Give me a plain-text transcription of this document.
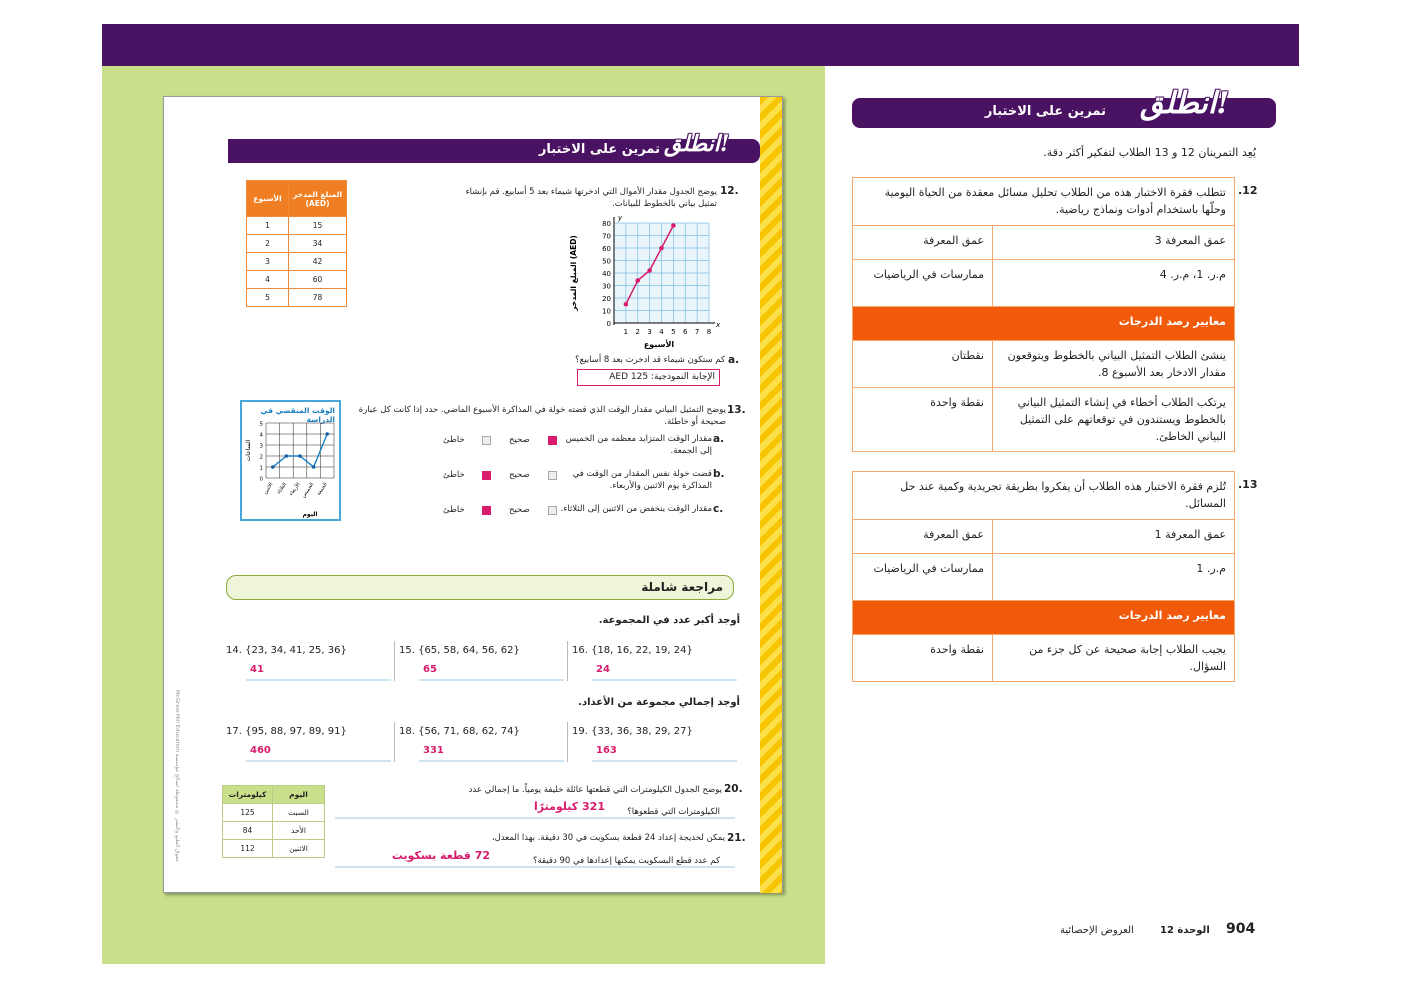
تمرين على الاختبار انطلق!
الأسبوع	المبلغ المدخر (AED)
1	15
2	34
3	42
4	60
5	78
12.
يوضح الجدول مقدار الأموال التي ادخرتها شيماء بعد 5 أسابيع. قم بإنشاء تمثيل بياني بالخطوط للبيانات.
80
70
60
50
40
30
20
10
0
1 2 3 4 5 6 7 8
y
x
المبلغ المدخر (AED)
الأسبوع
a.
كم ستكون شيماء قد ادخرت بعد 8 أسابيع؟
الإجابة النموذجية: AED 125
13.
يوضح التمثيل البياني مقدار الوقت الذي قضته خولة في المذاكرة الأسبوع الماضي. حدد إذا كانت كل عبارة صحيحة أو خاطئة.
a.
مقدار الوقت المتزايد معظمه من الخميس إلى الجمعة.
صحيح
خاطئ
b.
قضت خولة نفس المقدار من الوقت في المذاكرة يوم الاثنين والأربعاء.
صحيح
خاطئ
c.
مقدار الوقت ينخفض من الاثنين إلى الثلاثاء.
صحيح
خاطئ
الوقت المنقضي في الدراسة
5
4
3
2
1
0
الاثنين الثلاثاء الأربعاء
الخميس الجمعة
الساعات
اليوم
مراجعة شاملة
أوجد أكبر عدد في المجموعة.
أوجد إجمالي مجموعة من الأعداد.
14. {23, 34, 41, 25, 36}
41
15. {65, 58, 64, 56, 62}
65
16. {18, 16, 22, 19, 24}
24
17. {95, 88, 97, 89, 91}
460
18. {56, 71, 68, 62, 74}
331
19. {33, 36, 38, 29, 27}
163
كيلومترات	اليوم
125	السبت
84	الأحد
112	الاثنين
20.
يوضح الجدول الكيلومترات التي قطعتها عائلة خليفة يومياً. ما إجمالي عدد
الكيلومترات التي قطعوها؟
321 كيلومترًا
21.
يمكن لخديجة إعداد 24 قطعة بسكويت في 30 دقيقة. بهذا المعدل،
كم عدد قطع البسكويت يمكنها إعدادها في 90 دقيقة؟
72 قطعة بسكويت
McGraw-Hill Education حقوق الطبع والنشر © محفوظة لصالح مؤسسة
تمرين على الاختبار انطلق!
يُعِد التمرينان 12 و 13 الطلاب لتفكير أكثر دقة.
.12
تتطلب فقرة الاختبار هذه من الطلاب تحليل مسائل معقدة من الحياة اليومية وحلّها باستخدام أدوات ونماذج رياضية.	
عمق المعرفة	عمق المعرفة 3
ممارسات في الرياضيات	م.ر. 1، م.ر. 4
معايير رصد الدرجات	
نقطتان	ينشئ الطلاب التمثيل البياني بالخطوط ويتوقعون مقدار الادخار بعد الأسبوع 8.
نقطة واحدة	يرتكب الطلاب أخطاء في إنشاء التمثيل البياني بالخطوط ويستندون في توقعاتهم على التمثيل البياني الخاطئ.
.13
تُلزم فقرة الاختبار هذه الطلاب أن يفكروا بطريقة تجريدية وكمية عند حل المسائل.	
عمق المعرفة	عمق المعرفة 1
ممارسات في الرياضيات	م.ر. 1
معايير رصد الدرجات	
نقطة واحدة	يجيب الطلاب إجابة صحيحة عن كل جزء من السؤال.
904
الوحدة 12
العروض الإحصائية
